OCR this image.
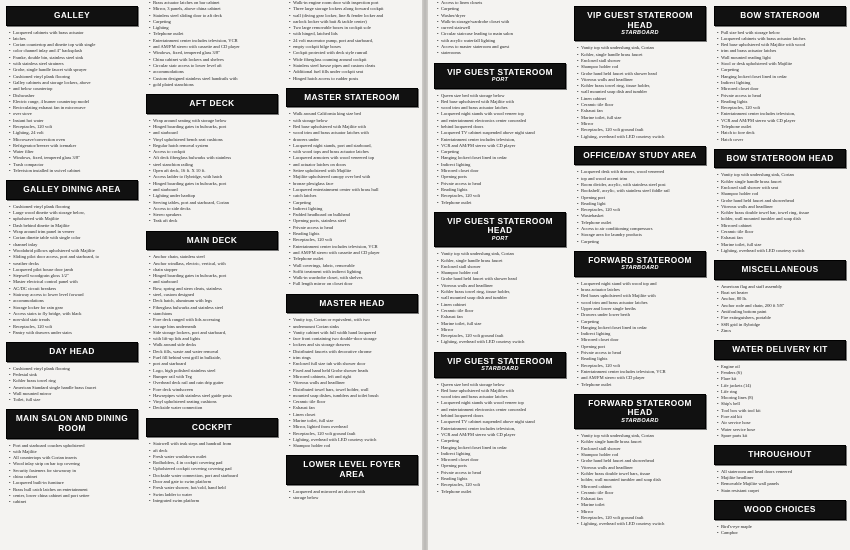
GALLEY
• Lacquered cabinets with brass actuator
• latches
• Corian countertop and dinette top with single
• color channel inlay and 4" backsplash
• Franke, double bin, stainless steel sink
• with stainless steel strainers
• Grohe, single handle faucet with sprayer
• Cushioned vinyl plank flooring
• Galley cabinets and storage lockers, above
• and below countertop
• Dishwasher
• Electric range, 4 burner countertop model
• Recirculating exhaust fan in microwave
• over stove
• Instant hot water
• Receptacles, 120 volt
• Lighting, 24 volt
• Microwave/convection oven
• Refrigerator/freezer with icemaker
• Water filter
• Windows, fixed, tempered glass 3/8"
• Trash compactor
• Television installed in swivel cabinet
GALLEY DINING AREA
• Cushioned vinyl plank flooring
• Large wood dinette with storage below,
• upholstered with Majilite
• Dash behind dinette in Majilite
• Wrap around trim panel in veneer
• Corian dinette table with single color
• channel inlay
• Woodabrid pillows upholstered with Majilite
• Sliding pilot door access, port and starboard, to
• weather decks
• Lacquered pilot house door jamb
• Stepwell woodgrain gloss 1/2"
• Master electrical control panel with
• AC/DC circuit breakers
• Stairway access to lower level forward
• accommodations
• Storage locker for rain gear
• Access stairs to fly bridge, with black
• non-skid stair treads
• Receptacles, 120 volt
• Pantry with drawers under stairs
DAY HEAD
• Cushioned vinyl plank flooring
• Pedestal sink
• Kohler brass towel ring
• American Standard single handle brass faucet
• Wall mounted mirror
• Toilet, full size
MAIN SALON AND DINING ROOM
• Port and starboard couches upholstered
• with Majilite
• All countertops with Corian inserts
• Wood inlay strip on bar top covering
• Security fasteners for stowaway in
• china cabinet
• Lacquered built-in furniture
• Brass hull catch latches on entertainment
• center, lower china cabinet and port settee
• cabinet
• Brass actuator latches on bar cabinet
• Mirror, 3 panels, above china cabinet
• Stainless steel sliding door to aft deck
• Carpeting
• Lighting
• Telephone outlet
• Entertainment center includes television, VCR
• and AM/FM stereo with cassette and CD player
• Windows, fixed, tempered glass 3/8"
• China cabinet with lockers and shelves
• Circular stair access to lower level aft
• accommodations
• Custom designed stainless steel handrails with
• gold plated stanchions
AFT DECK
• Wrap around seating with storage below
• Hinged boarding gates in bulwarks, port
• and starboard
• Vinyl upholstered bench seat cushions
• Regular hatch removal system
• Access to cockpit
• Aft deck fiberglass bulwarks with stainless
• steel stanchion railing
• Open aft deck, 16 ft. X 10 ft.
• Access ladder to flybridge, with hatch
• Hinged boarding gates in bulwarks, port
• and starboard
• Lighting under hardtop
• Serving tables, port and starboard, Corian
• Access to side decks
• Stereo speakers
• Teak aft deck
MAIN DECK
• Anchor chain, stainless steel
• Anchor windlass, electric, vertical, with
• chain stopper
• Hinged boarding gates in bulwarks, port
• and starboard
• Bow, spring and stern cleats, stainless
• steel, custom designed
• Deck hatch, aluminum with legs
• Fiberglass bulwarks and stainless steel
• stanchions
• Fore deck ranged with lids accessing
• storage bins underneath
• Side storage lockers, port and starboard,
• with lift-up lids and lights
• Walk around side decks
• Deck fills, waste and water removal
• Fuel fill behind vent grill in bulkside,
• port and starboard
• Logo, high polished stainless steel
• Bumper rail with Teg
• Overhead deck rail and rain drip gutter
• Fore deck windscreen
• Hawsepipes with stainless steel guide posts
• Vinyl upholstered seating cushions
• Deckside water connection
COCKPIT
• Stairwell with teak steps and handrail from
• aft deck
• Fresh water washdown outlet
• Rodholders, 4 in cockpit covering pad
• Upholstered cockpit covering covering pad
• Dockside water connection, port and starboard
• Door and gate to swim platform
• Fresh water shower, hot/cold, hand held
• Swim ladder to water
• Integrated swim platform
• Walk-in engine room door with inspection port
• Three large storage lockers along forward cockpit
• wall (diving gear locker, line & fender locker and
• oarlock locker with bait & tackle center)
• Two large removable boxes in cockpit sole
• with hinged, latched lids
• 24 volt macerator pump, port and starboard,
• empty cockpit bilge boxes
• Cockpit protected with deck style runrail
• Wide fiberglass coaming around cockpit
• Stainless steel hawse pipes and custom cleats
• Additional fuel fills under cockpit seat
• Hinged hatch access to rudder posts
MASTER STATEROOM
• Walk around California king size bed
• with storage below
• Bed base upholstered with Majilite with
• wood trim and brass actuator latches with
• drawers under
• Lacquered night stands, port and starboard,
• with wood tops and brass actuator latches
• Lacquered armoires with wood veneered top
• and actuator latches on doors
• Settee upholstered with Majilite
• Majilite upholstered canopy over bed with
• bronze plexiglass face
• Lacquered entertainment center with brass hull
• catch latches
• Carpeting
• Indirect lighting
• Padded headboard on bulkhead
• Opening ports, stainless steel
• Private access to head
• Reading lights
• Receptacles, 120 volt
• Entertainment center includes television, VCR
• and AM/FM stereo with cassette and CD player
• Telephone outlet
• Wall coverings, fabric, removable
• Soffit treatment with indirect lighting
• Walk-in wardrobe closet, with shelves
• Full length mirror on closet door
MASTER HEAD
• Vanity top, Corian or equivalent, with two
• undermount Corian sinks
• Vanity cabinet with full width hand lacquered
• face front containing two double-door storage
• lockers and six storage drawers
• Distributed faucets with decorative chrome
• trim rings
• Enclosed full size tub with shower door
• Fixed and hand held Grohe shower heads
• Mirrored cabinets, left and right
• Vitreous walls and headliner
• Distributed towel bars, towel holder, wall
• mounted soap dishes, tumblers and toilet brush
• Ceramic tile floor
• Exhaust fan
• Linen closet
• Marine toilet, full size
• Mirror, lighted from overhead
• Receptacles, 120 volt ground fault
• Lighting, overhead with LED courtesy switch
• Shampoo holder rod
LOWER LEVEL FOYER AREA
• Lacquered and mirrored art alcove with
• storage below
• Access to linen closets
• Carpeting
• Washer/dryer
• Walk-in storage/wardrobe closet with
• curved stairwell
• Circular staircase leading to main salon
• with acrylic waterfall lighting
• Access to master stateroom and guest
• staterooms
VIP GUEST STATEROOM
PORT
• Queen size bed with storage below
• Bed base upholstered with Majilite with
• wood trim and brass actuator latches
• Lacquered night stands with wood veneer top
• and entertainment electronics center concealed
• behind lacquered doors
• Lacquered TV cabinet suspended above night stand
• Entertainment center includes television,
• VCR and AM/FM stereo with CD player
• Carpeting
• Hanging locker/closet lined in cedar
• Indirect lighting
• Mirrored closet door
• Opening ports
• Private access to head
• Reading lights
• Receptacles, 120 volt
• Telephone outlet
VIP GUEST STATEROOM HEAD
PORT
• Vanity top with underslung sink, Corian
• Kohler, single handle brass faucet
• Enclosed stall shower
• Shampoo holder rod
• Grohe hand held faucet with shower head
• Vitreous walls and headliner
• Kohler brass towel ring, tissue holder,
• wall mounted soap dish and tumbler
• Linen cabinet
• Ceramic tile floor
• Exhaust fan
• Marine toilet, full size
• Mirror
• Receptacles, 120 volt ground fault
• Lighting, overhead with LED courtesy switch
VIP GUEST STATEROOM
STARBOARD
• Queen size bed with storage below
• Bed base upholstered with Majilite with
• wood trim and brass actuator latches
• Lacquered night stands with wood veneer top
• and entertainment electronics center concealed
• behind lacquered doors
• Lacquered TV cabinet suspended above night stand
• Entertainment center includes television,
• VCR and AM/FM stereo with CD player
• Carpeting
• Hanging locker/closet lined in cedar
• Indirect lighting
• Mirrored closet door
• Opening ports
• Private access to head
• Reading lights
• Receptacles, 120 volt
• Telephone outlet
VIP GUEST STATEROOM HEAD
STARBOARD
• Vanity top with underslung sink, Corian
• Kohler, single handle brass faucet
• Enclosed stall shower
• Shampoo holder rod
• Grohe hand held faucet with shower head
• Vitreous walls and headliner
• Kohler brass towel ring, tissue holder,
• wall mounted soap dish and tumbler
• Linen cabinet
• Ceramic tile floor
• Exhaust fan
• Marine toilet, full size
• Mirror
• Receptacles, 120 volt ground fault
• Lighting, overhead with LED courtesy switch
OFFICE/DAY STUDY AREA
• Lacquered desk with drawers, wood veneered
• top and wood accent trim
• Room divider, acrylic, with stainless steel post
• Bookshelf, acrylic, with stainless steel fiddle rail
• Opening port
• Reading light
• Receptacles, 120 volt
• Wastebasket
• Telephone outlet
• Access to air conditioning compressors
• Storage area for laundry products
• Carpeting
FORWARD STATEROOM
STARBOARD
• Lacquered night stand with wood top and
• brass actuator latches
• Bed bases upholstered with Majilite with
• wood trim and brass actuator latches
• Upper and lower single berths
• Drawers under lower berth
• Carpeting
• Hanging locker/closet lined in cedar
• Indirect lighting
• Mirrored closet door
• Opening port
• Private access to head
• Reading lights
• Receptacles, 120 volt
• Entertainment center includes television, VCR
• and AM/FM stereo with CD player
• Telephone outlet
FORWARD STATEROOM HEAD
STARBOARD
• Vanity top with underslung sink, Corian
• Kohler single handle brass faucet
• Enclosed stall shower
• Shampoo holder rod
• Grohe hand held faucet and showerhead
• Vitreous walls and headliner
• Kohler brass double towel bars, tissue
• holder, wall mounted tumbler and soap dish
• Mirrored cabinet
• Ceramic tile floor
• Exhaust fan
• Marine toilet
• Mirror
• Receptacles, 120 volt ground fault
• Lighting, overhead with LED courtesy switch
BOW STATEROOM
• Pull size bed with storage below
• Lacquered cabinets with brass actuator latches
• Bed base upholstered with Majilite with wood
• trim and brass actuator latches
• Wall mounted reading light
• Stool or desk upholstered with Majilite
• Carpeting
• Hanging locker/closet lined in cedar
• Indirect lighting
• Mirrored closet door
• Private access to head
• Reading lights
• Receptacles, 120 volt
• Entertainment center includes television,
• VCR and AM/FM stereo with CD player
• Telephone outlet
• Hatch to fore deck
• Hatch cover
BOW STATEROOM HEAD
• Vanity top with underslung sink, Corian
• Kohler single handle brass faucet
• Enclosed stall shower with seat
• Shampoo holder rod
• Grohe hand held faucet and showerhead
• Vitreous walls and headliner
• Kohler brass double towel bar, towel ring, tissue
• holder, wall mounted tumbler and soap dish
• Mirrored cabinet
• Ceramic tile floor
• Exhaust fan
• Marine toilet, full size
• Lighting, overhead with LED courtesy switch
MISCELLANEOUS
• American flag and staff assembly
• Boat set heater
• Anchor, 80 lb.
• Anchor rode and chain, 200 ft 5/8"
• Antifouling bottom paint
• Fire extinguishers, portable
• SSB grid in flybridge
• Zincs
WATER DELIVERY KIT
• Engine oil
• Fenders (6)
• Flare kit
• Life jackets (14)
• Life ring
• Mooring lines (8)
• Ship's bell
• Tool box with tool kit
• Fore aid kit
• Air service hose
• Water service hose
• Spare parts kit
THROUGHOUT
• All stateroom and head doors veneered
• Majilite headliner
• Removable Majilite wall panels
• Stain resistant carpet
WOOD CHOICES
• Bird's-eye maple
• Campbor
